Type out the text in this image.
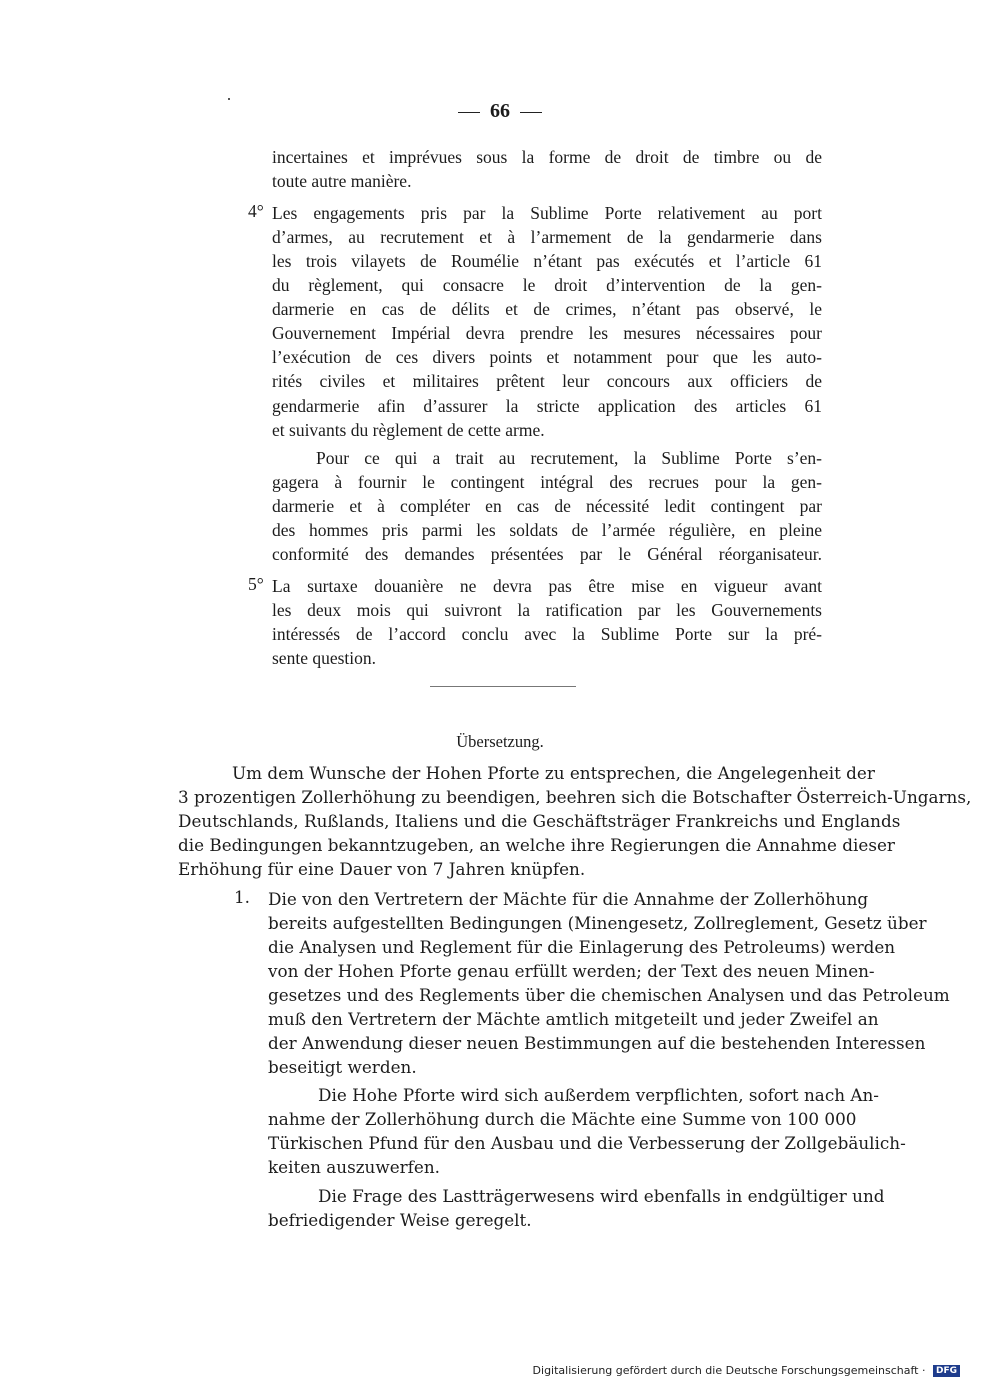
66
incertaines et imprévues sous la forme de droit de timbre ou de
toute autre manière.
4° Les engagements pris par la Sublime Porte relativement au port
d’armes, au recrutement et à l’armement de la gendarmerie dans
les trois vilayets de Roumélie n’étant pas exécutés et l’article 61
du règlement, qui consacre le droit d’intervention de la gen-
darmerie en cas de délits et de crimes, n’étant pas observé, le
Gouvernement Impérial devra prendre les mesures nécessaires pour
l’exécution de ces divers points et notamment pour que les auto-
rités civiles et militaires prêtent leur concours aux officiers de
gendarmerie afin d’assurer la stricte application des articles 61
et suivants du règlement de cette arme.
Pour ce qui a trait au recrutement, la Sublime Porte s’en-
gagera à fournir le contingent intégral des recrues pour la gen-
darmerie et à compléter en cas de nécessité ledit contingent par
des hommes pris parmi les soldats de l’armée régulière, en pleine
conformité des demandes présentées par le Général réorganisateur.
5° La surtaxe douanière ne devra pas être mise en vigueur avant
les deux mois qui suivront la ratification par les Gouvernements
intéressés de l’accord conclu avec la Sublime Porte sur la pré-
sente question.
Übersetzung.
Um dem Wunsche der Hohen Pforte zu entsprechen, die Angelegenheit der
3 prozentigen Zollerhöhung zu beendigen, beehren sich die Botschafter Österreich-Ungarns,
Deutschlands, Rußlands, Italiens und die Geschäftsträger Frankreichs und Englands
die Bedingungen bekanntzugeben, an welche ihre Regierungen die Annahme dieser
Erhöhung für eine Dauer von 7 Jahren knüpfen.
1. Die von den Vertretern der Mächte für die Annahme der Zollerhöhung
bereits aufgestellten Bedingungen (Minengesetz, Zollreglement, Gesetz über
die Analysen und Reglement für die Einlagerung des Petroleums) werden
von der Hohen Pforte genau erfüllt werden; der Text des neuen Minen-
gesetzes und des Reglements über die chemischen Analysen und das Petroleum
muß den Vertretern der Mächte amtlich mitgeteilt und jeder Zweifel an
der Anwendung dieser neuen Bestimmungen auf die bestehenden Interessen
beseitigt werden.
Die Hohe Pforte wird sich außerdem verpflichten, sofort nach An-
nahme der Zollerhöhung durch die Mächte eine Summe von 100 000
Türkischen Pfund für den Ausbau und die Verbesserung der Zollgebäulich-
keiten auszuwerfen.
Die Frage des Lastträgerwesens wird ebenfalls in endgültiger und
befriedigender Weise geregelt.
Digitalisierung gefördert durch die Deutsche Forschungsgemeinschaft · DFG
